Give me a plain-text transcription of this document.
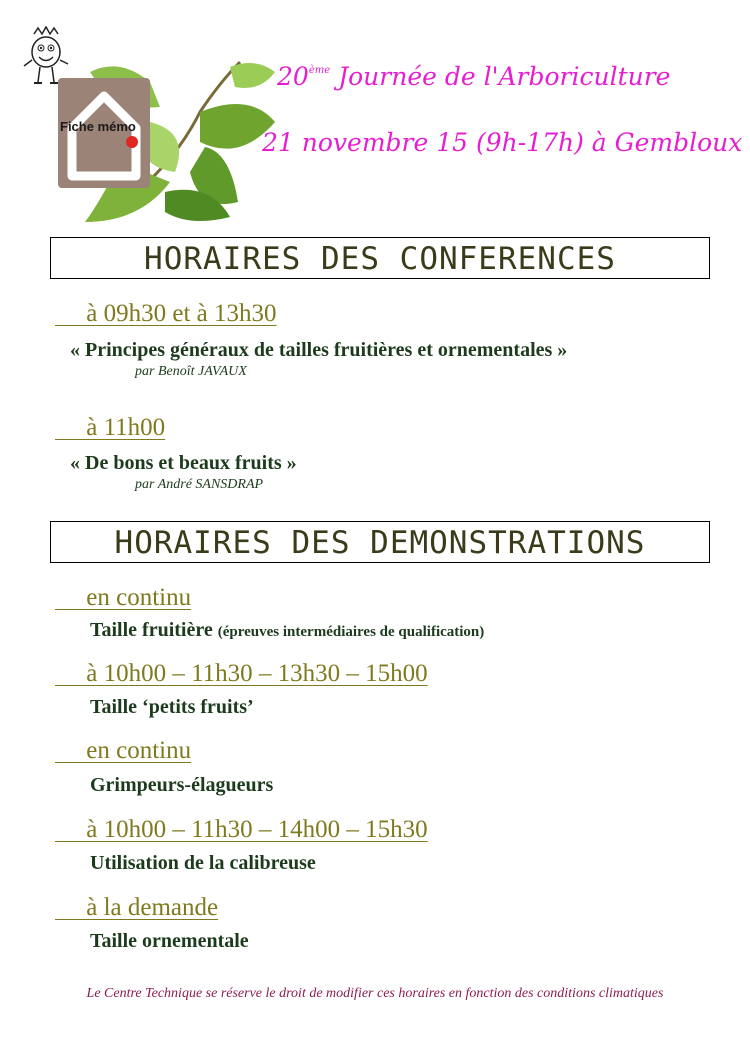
Fiche mémo
20ème Journée de l'Arboriculture
21 novembre 15 (9h-17h) à Gembloux
HORAIRES DES CONFERENCES
à 09h30 et à 13h30
« Principes généraux de tailles fruitières et ornementales »
par Benoît JAVAUX
à 11h00
« De bons et beaux fruits »
par André SANSDRAP
HORAIRES DES DEMONSTRATIONS
en continu
Taille fruitière (épreuves intermédiaires de qualification)
à 10h00 – 11h30 – 13h30 – 15h00
Taille ‘petits fruits’
en continu
Grimpeurs-élagueurs
à 10h00 – 11h30 – 14h00 – 15h30
Utilisation de la calibreuse
à la demande
Taille ornementale
Le Centre Technique se réserve le droit de modifier ces horaires en fonction des conditions climatiques
